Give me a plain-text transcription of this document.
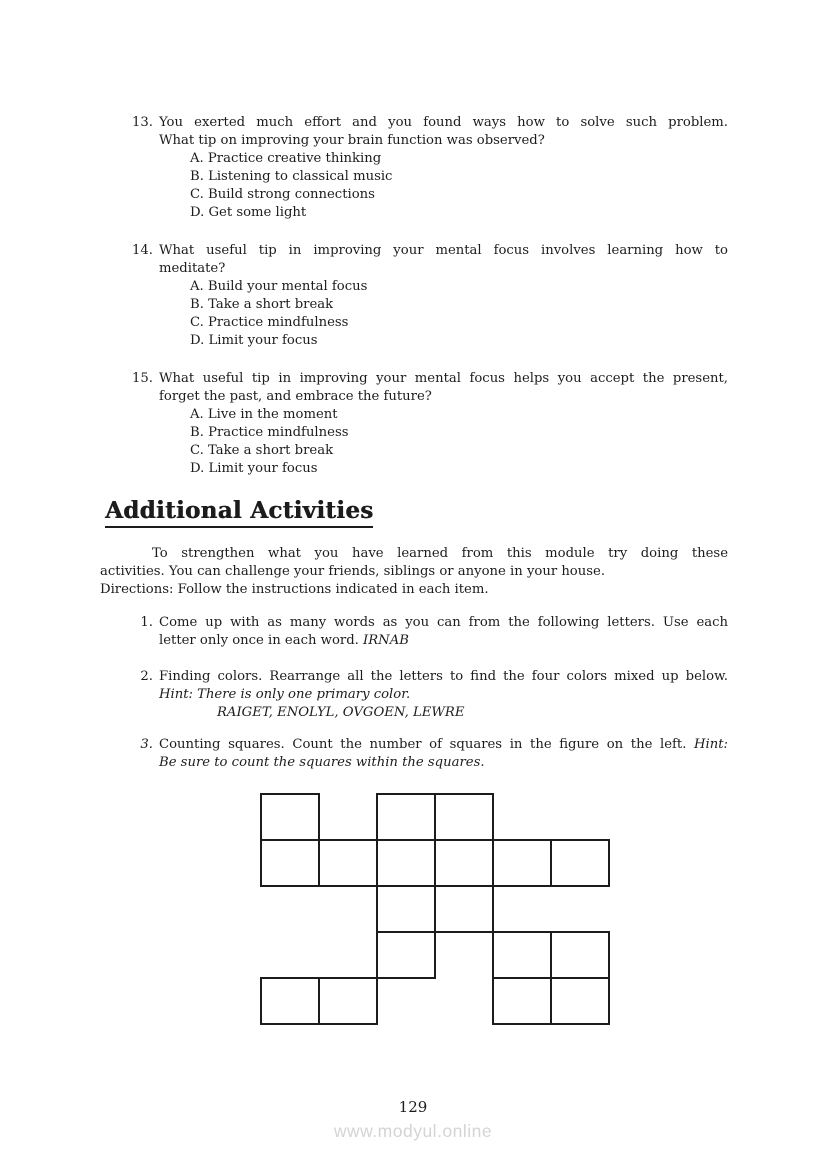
13. You exerted much effort and you found ways how to solve such problem.
What tip on improving your brain function was observed?
A. Practice creative thinking
B. Listening to classical music
C. Build strong connections
D. Get some light
14. What useful tip in improving your mental focus involves learning how to
meditate?
A. Build your mental focus
B. Take a short break
C. Practice mindfulness
D. Limit your focus
15. What useful tip in improving your mental focus helps you accept the present,
forget the past, and embrace the future?
A. Live in the moment
B. Practice mindfulness
C. Take a short break
D. Limit your focus
Additional Activities
To strengthen what you have learned from this module try doing these
activities. You can challenge your friends, siblings or anyone in your house.
Directions: Follow the instructions indicated in each item.
1. Come up with as many words as you can from the following letters. Use each
letter only once in each word. IRNAB
2. Finding colors. Rearrange all the letters to find the four colors mixed up below.
Hint: There is only one primary color.
RAIGET, ENOLYL, OVGOEN, LEWRE
3. Counting squares. Count the number of squares in the figure on the left. Hint:
Be sure to count the squares within the squares.
129
www.modyul.online
